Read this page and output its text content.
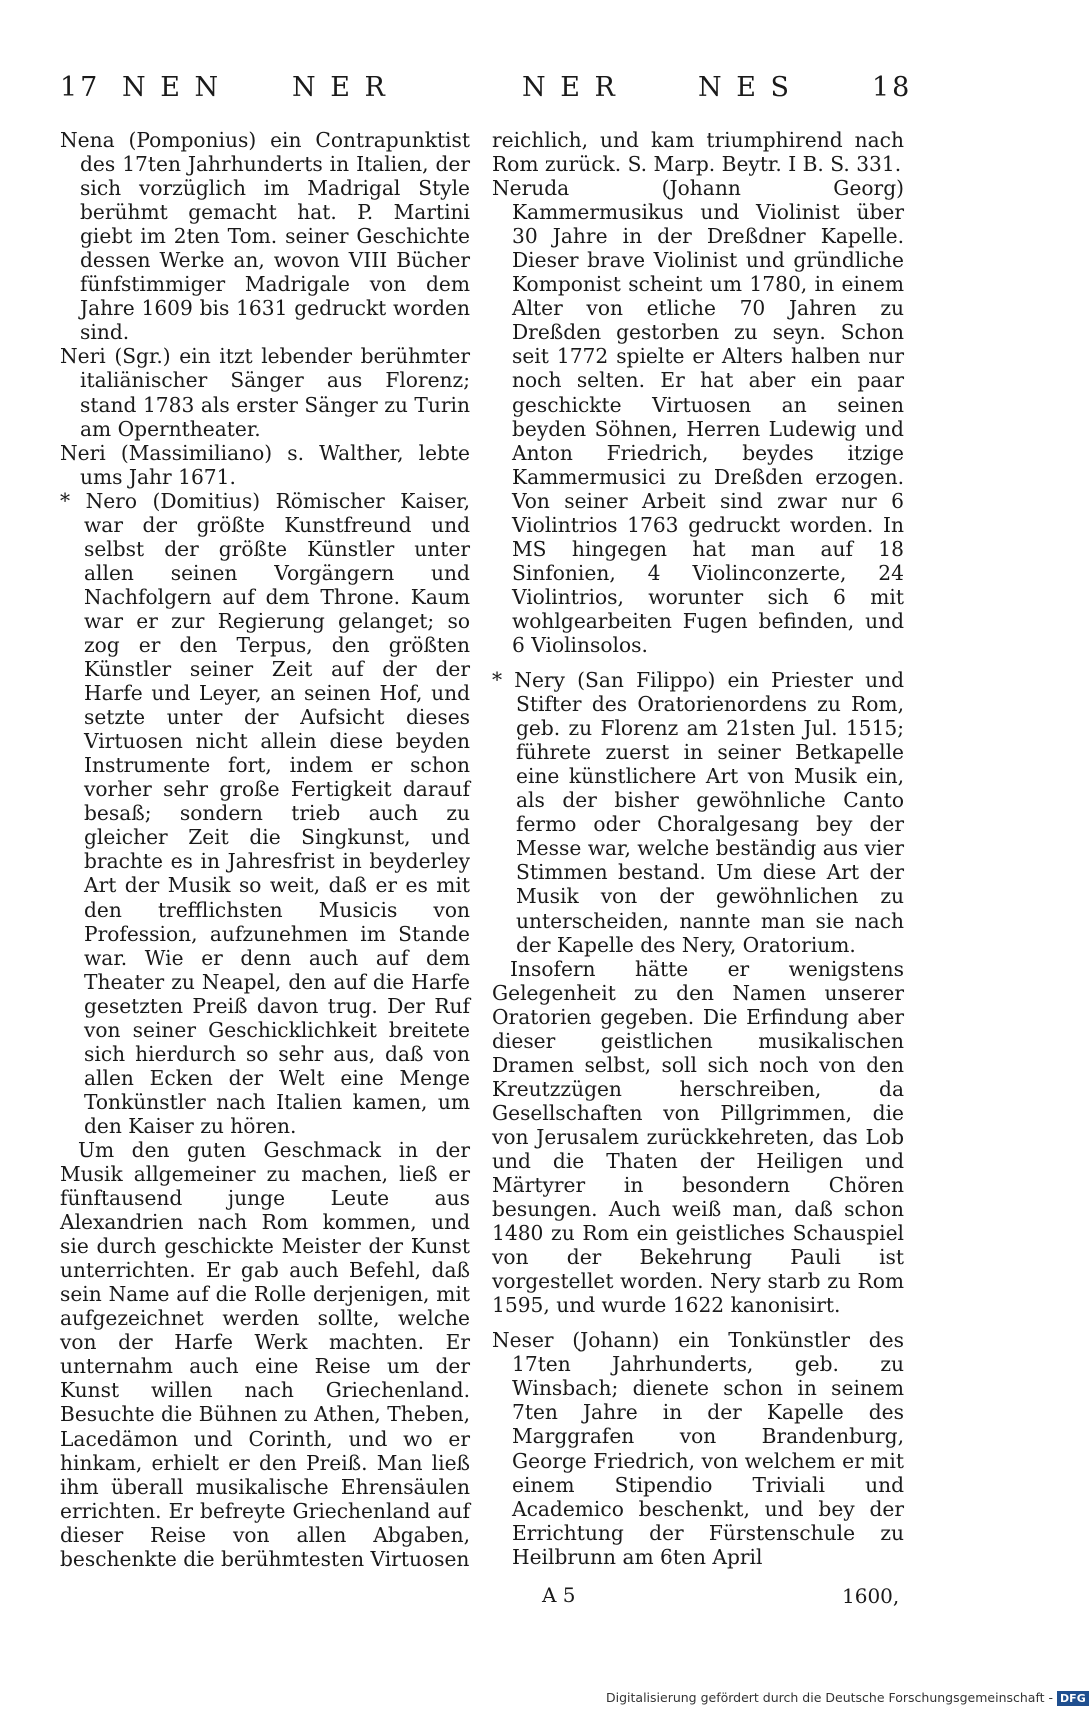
17 N E N	N E R	N E R	N E S	18

Nena (Pomponius) ein Contrapunktist des 17ten Jahrhunderts in Italien, der sich vorzüglich im Madrigal Style berühmt gemacht hat. P. Martini giebt im 2ten Tom. seiner Geschichte dessen Werke an, wovon VIII Bücher fünfstimmiger Madrigale von dem Jahre 1609 bis 1631 gedruckt worden sind.

Neri (Sgr.) ein itzt lebender berühmter italiänischer Sänger aus Florenz; stand 1783 als erster Sänger zu Turin am Operntheater.

Neri (Massimiliano) s. Walther, lebte ums Jahr 1671.

* Nero (Domitius) Römischer Kaiser, war der größte Kunstfreund und selbst der größte Künstler unter allen seinen Vorgängern und Nachfolgern auf dem Throne. Kaum war er zur Regierung gelanget; so zog er den Terpus, den größten Künstler seiner Zeit auf der der Harfe und Leyer, an seinen Hof, und setzte unter der Aufsicht dieses Virtuosen nicht allein diese beyden Instrumente fort, indem er schon vorher sehr große Fertigkeit darauf besaß; sondern trieb auch zu gleicher Zeit die Singkunst, und brachte es in Jahresfrist in beyderley Art der Musik so weit, daß er es mit den trefflichsten Musicis von Profession, aufzunehmen im Stande war. Wie er denn auch auf dem Theater zu Neapel, den auf die Harfe gesetzten Preiß davon trug. Der Ruf von seiner Geschicklichkeit breitete sich hierdurch so sehr aus, daß von allen Ecken der Welt eine Menge Tonkünstler nach Italien kamen, um den Kaiser zu hören.

Um den guten Geschmack in der Musik allgemeiner zu machen, ließ er fünftausend junge Leute aus Alexandrien nach Rom kommen, und sie durch geschickte Meister der Kunst unterrichten. Er gab auch Befehl, daß sein Name auf die Rolle derjenigen, mit aufgezeichnet werden sollte, welche von der Harfe Werk machten. Er unternahm auch eine Reise um der Kunst willen nach Griechenland. Besuchte die Bühnen zu Athen, Theben, Lacedämon und Corinth, und wo er hinkam, erhielt er den Preiß. Man ließ ihm überall musikalische Ehrensäulen errichten. Er befreyte Griechenland auf dieser Reise von allen Abgaben, beschenkte die berühmtesten Virtuosen

reichlich, und kam triumphirend nach Rom zurück. S. Marp. Beytr. I B. S. 331.

Neruda (Johann Georg) Kammermusikus und Violinist über 30 Jahre in der Dreßdner Kapelle. Dieser brave Violinist und gründliche Komponist scheint um 1780, in einem Alter von etliche 70 Jahren zu Dreßden gestorben zu seyn. Schon seit 1772 spielte er Alters halben nur noch selten. Er hat aber ein paar geschickte Virtuosen an seinen beyden Söhnen, Herren Ludewig und Anton Friedrich, beydes itzige Kammermusici zu Dreßden erzogen. Von seiner Arbeit sind zwar nur 6 Violintrios 1763 gedruckt worden. In MS hingegen hat man auf 18 Sinfonien, 4 Violinconzerte, 24 Violintrios, worunter sich 6 mit wohlgearbeiten Fugen befinden, und 6 Violinsolos.

* Nery (San Filippo) ein Priester und Stifter des Oratorienordens zu Rom, geb. zu Florenz am 21sten Jul. 1515; führete zuerst in seiner Betkapelle eine künstlichere Art von Musik ein, als der bisher gewöhnliche Canto fermo oder Choralgesang bey der Messe war, welche beständig aus vier Stimmen bestand. Um diese Art der Musik von der gewöhnlichen zu unterscheiden, nannte man sie nach der Kapelle des Nery, Oratorium.

Insofern hätte er wenigstens Gelegenheit zu den Namen unserer Oratorien gegeben. Die Erfindung aber dieser geistlichen musikalischen Dramen selbst, soll sich noch von den Kreutzzügen herschreiben, da Gesellschaften von Pillgrimmen, die von Jerusalem zurückkehreten, das Lob und die Thaten der Heiligen und Märtyrer in besondern Chören besungen. Auch weiß man, daß schon 1480 zu Rom ein geistliches Schauspiel von der Bekehrung Pauli ist vorgestellet worden. Nery starb zu Rom 1595, und wurde 1622 kanonisirt.

Neser (Johann) ein Tonkünstler des 17ten Jahrhunderts, geb. zu Winsbach; dienete schon in seinem 7ten Jahre in der Kapelle des Marggrafen von Brandenburg, George Friedrich, von welchem er mit einem Stipendio Triviali und Academico beschenkt, und bey der Errichtung der Fürstenschule zu Heilbrunn am 6ten April

A 5	1600,
Digitalisierung gefördert durch die Deutsche Forschungsgemeinschaft - DFG
